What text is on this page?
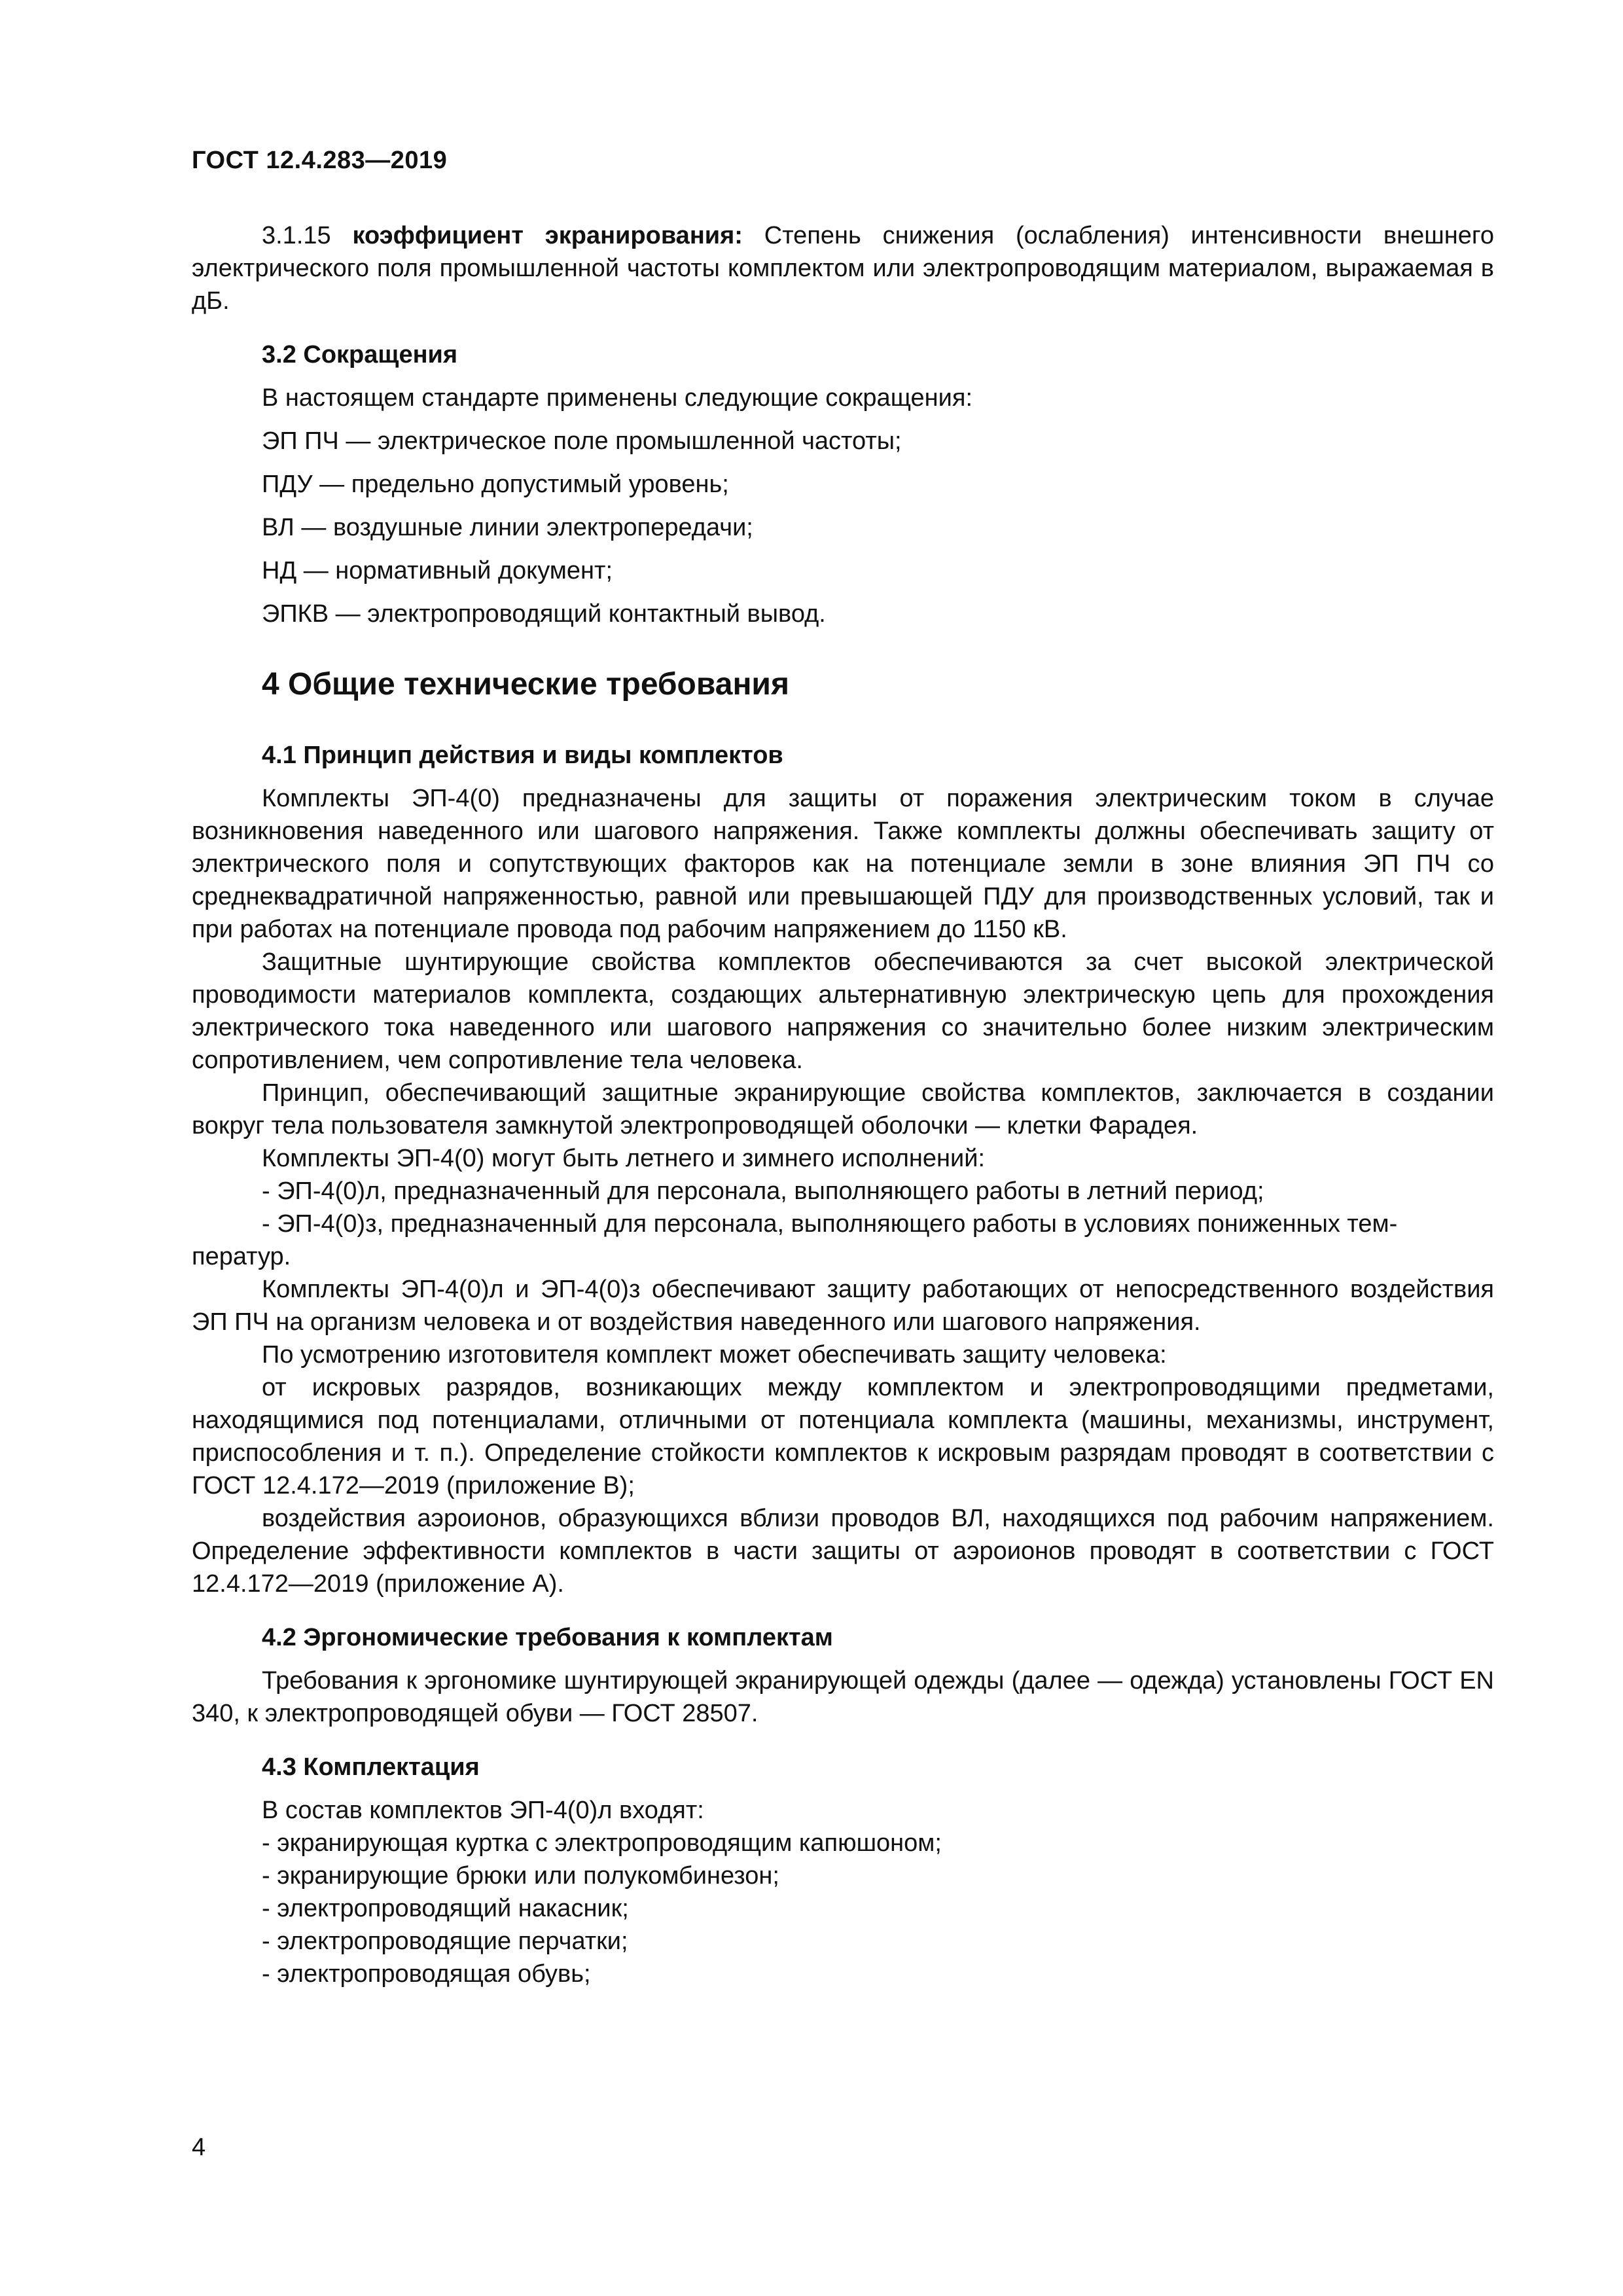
ГОСТ 12.4.283—2019

3.1.15 коэффициент экранирования: Степень снижения (ослабления) интенсивности внешнего электрического поля промышленной частоты комплектом или электропроводящим материалом, выражаемая в дБ.

3.2 Сокращения

В настоящем стандарте применены следующие сокращения:

ЭП ПЧ — электрическое поле промышленной частоты;

ПДУ — предельно допустимый уровень;

ВЛ — воздушные линии электропередачи;

НД — нормативный документ;

ЭПКВ — электропроводящий контактный вывод.

4 Общие технические требования

4.1 Принцип действия и виды комплектов

Комплекты ЭП-4(0) предназначены для защиты от поражения электрическим током в случае возникновения наведенного или шагового напряжения. Также комплекты должны обеспечивать защиту от электрического поля и сопутствующих факторов как на потенциале земли в зоне влияния ЭП ПЧ со среднеквадратичной напряженностью, равной или превышающей ПДУ для производственных условий, так и при работах на потенциале провода под рабочим напряжением до 1150 кВ.

Защитные шунтирующие свойства комплектов обеспечиваются за счет высокой электрической проводимости материалов комплекта, создающих альтернативную электрическую цепь для прохождения электрического тока наведенного или шагового напряжения со значительно более низким электрическим сопротивлением, чем сопротивление тела человека.

Принцип, обеспечивающий защитные экранирующие свойства комплектов, заключается в создании вокруг тела пользователя замкнутой электропроводящей оболочки — клетки Фарадея.

Комплекты ЭП-4(0) могут быть летнего и зимнего исполнений:

- ЭП-4(0)л, предназначенный для персонала, выполняющего работы в летний период;

- ЭП-4(0)з, предназначенный для персонала, выполняющего работы в условиях пониженных тем-

ператур.

Комплекты ЭП-4(0)л и ЭП-4(0)з обеспечивают защиту работающих от непосредственного воздействия ЭП ПЧ на организм человека и от воздействия наведенного или шагового напряжения.

По усмотрению изготовителя комплект может обеспечивать защиту человека:

от искровых разрядов, возникающих между комплектом и электропроводящими предметами, находящимися под потенциалами, отличными от потенциала комплекта (машины, механизмы, инструмент, приспособления и т. п.). Определение стойкости комплектов к искровым разрядам проводят в соответствии с ГОСТ 12.4.172—2019 (приложение В);

воздействия аэроионов, образующихся вблизи проводов ВЛ, находящихся под рабочим напряжением. Определение эффективности комплектов в части защиты от аэроионов проводят в соответствии с ГОСТ 12.4.172—2019 (приложение А).

4.2 Эргономические требования к комплектам

Требования к эргономике шунтирующей экранирующей одежды (далее — одежда) установлены ГОСТ EN 340, к электропроводящей обуви — ГОСТ 28507.

4.3 Комплектация

В состав комплектов ЭП-4(0)л входят:

- экранирующая куртка с электропроводящим капюшоном;

- экранирующие брюки или полукомбинезон;

- электропроводящий накасник;

- электропроводящие перчатки;

- электропроводящая обувь;

4
